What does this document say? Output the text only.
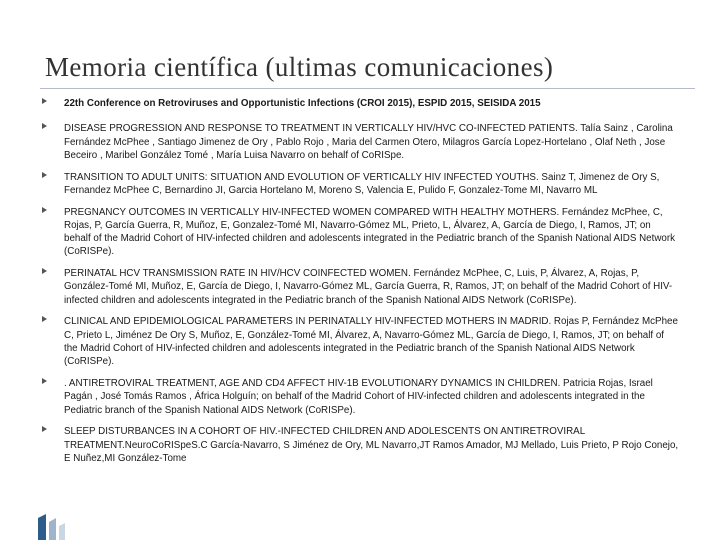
Memoria científica (ultimas comunicaciones)
22th Conference on Retroviruses and Opportunistic Infections (CROI 2015), ESPID 2015, SEISIDA 2015
DISEASE PROGRESSION AND RESPONSE TO TREATMENT IN VERTICALLY HIV/HVC CO-INFECTED PATIENTS. Talía Sainz , Carolina Fernández McPhee , Santiago Jimenez de Ory , Pablo Rojo , Maria del Carmen Otero, Milagros García Lopez-Hortelano , Olaf Neth , Jose Beceiro , Maribel González Tomé , María Luisa Navarro on behalf of CoRISpe.
TRANSITION TO ADULT UNITS: SITUATION AND EVOLUTION OF VERTICALLY HIV INFECTED YOUTHS. Sainz T, Jimenez de Ory S, Fernandez McPhee C, Bernardino JI, Garcia Hortelano M, Moreno S, Valencia E, Pulido F, Gonzalez-Tome MI, Navarro ML
PREGNANCY OUTCOMES IN VERTICALLY HIV-INFECTED WOMEN COMPARED WITH HEALTHY MOTHERS. Fernández McPhee, C, Rojas, P, García Guerra, R, Muñoz, E, Gonzalez-Tomé MI, Navarro-Gómez ML, Prieto, L, Álvarez, A, García de Diego, I, Ramos, JT; on behalf of the Madrid Cohort of HIV-infected children and adolescents integrated in the Pediatric branch of the Spanish National AIDS Network (CoRISPe).
PERINATAL HCV TRANSMISSION RATE IN HIV/HCV COINFECTED WOMEN. Fernández McPhee, C, Luis, P, Álvarez, A, Rojas, P, González-Tomé MI, Muñoz, E, García de Diego, I, Navarro-Gómez ML, García Guerra, R, Ramos, JT; on behalf of the Madrid Cohort of HIV-infected children and adolescents integrated in the Pediatric branch of the Spanish National AIDS Network (CoRISPe).
CLINICAL AND EPIDEMIOLOGICAL PARAMETERS IN PERINATALLY HIV-INFECTED MOTHERS IN MADRID. Rojas P, Fernández McPhee C, Prieto L, Jiménez De Ory S, Muñoz, E, González-Tomé MI, Álvarez, A, Navarro-Gómez ML, García de Diego, I, Ramos, JT; on behalf of the Madrid Cohort of HIV-infected children and adolescents integrated in the Pediatric branch of the Spanish National AIDS Network (CoRISPe).
. ANTIRETROVIRAL TREATMENT, AGE AND CD4 AFFECT HIV-1B EVOLUTIONARY DYNAMICS IN CHILDREN. Patricia Rojas, Israel Pagán , José Tomás Ramos , África Holguín; on behalf of the Madrid Cohort of HIV-infected children and adolescents integrated in the Pediatric branch of the Spanish National AIDS Network (CoRISPe).
SLEEP DISTURBANCES IN A COHORT OF HIV.-INFECTED CHILDREN AND ADOLESCENTS ON ANTIRETROVIRAL TREATMENT.NeuroCoRISpeS.C García-Navarro, S Jiménez de Ory, ML Navarro,JT Ramos Amador, MJ Mellado, Luis Prieto, P Rojo Conejo, E Nuñez,MI González-Tome
